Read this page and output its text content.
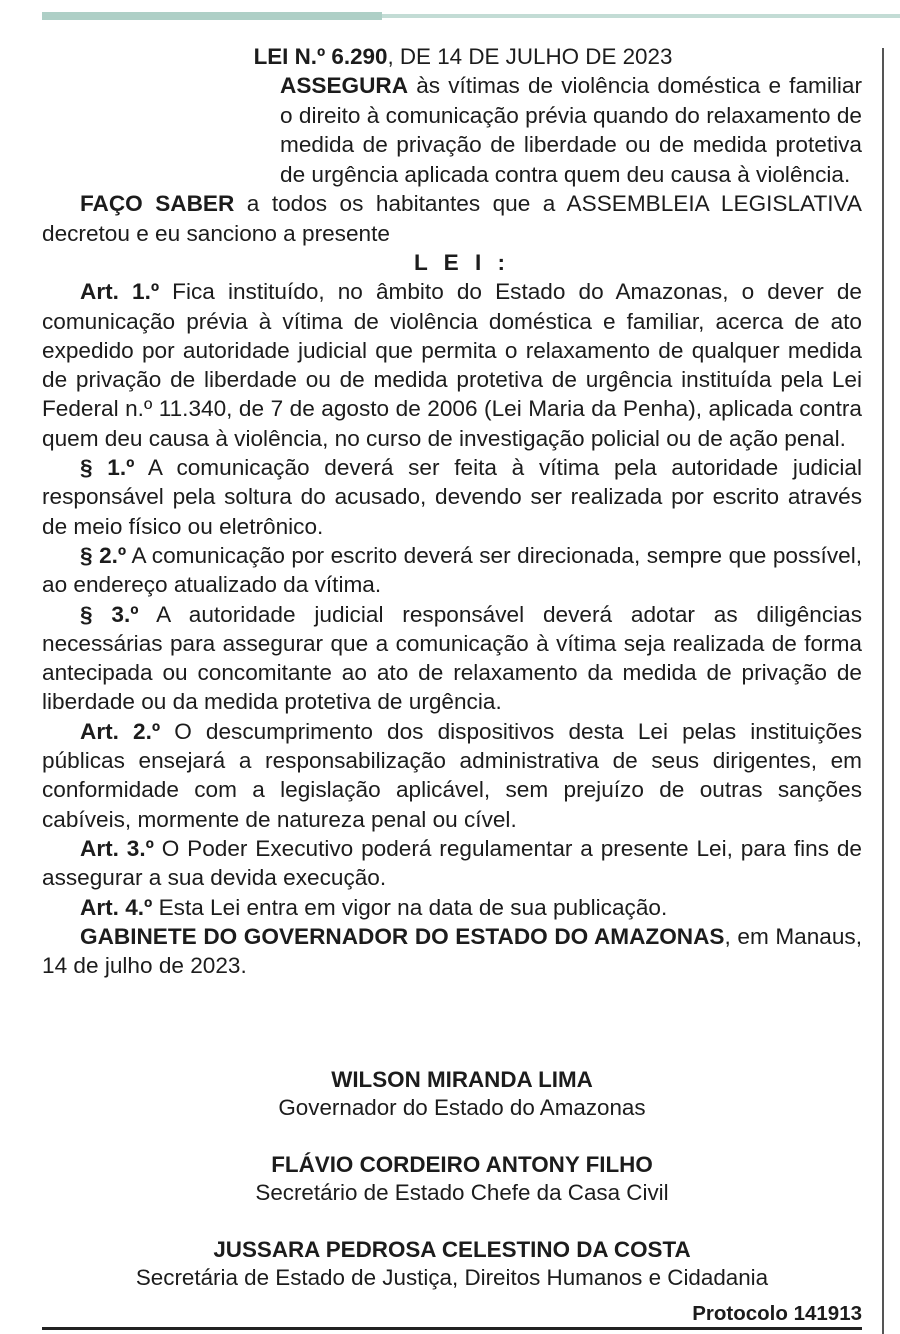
LEI N.º 6.290, DE 14 DE JULHO DE 2023
ASSEGURA às vítimas de violência doméstica e familiar o direito à comunicação prévia quando do relaxamento de medida de privação de liberdade ou de medida protetiva de urgência aplicada contra quem deu causa à violência.

FAÇO SABER a todos os habitantes que a ASSEMBLEIA LEGISLATIVA decretou e eu sanciono a presente

L E I :

Art. 1.º Fica instituído, no âmbito do Estado do Amazonas, o dever de comunicação prévia à vítima de violência doméstica e familiar, acerca de ato expedido por autoridade judicial que permita o relaxamento de qualquer medida de privação de liberdade ou de medida protetiva de urgência instituída pela Lei Federal n.º 11.340, de 7 de agosto de 2006 (Lei Maria da Penha), aplicada contra quem deu causa à violência, no curso de investigação policial ou de ação penal.

§ 1.º A comunicação deverá ser feita à vítima pela autoridade judicial responsável pela soltura do acusado, devendo ser realizada por escrito através de meio físico ou eletrônico.

§ 2.º A comunicação por escrito deverá ser direcionada, sempre que possível, ao endereço atualizado da vítima.

§ 3.º A autoridade judicial responsável deverá adotar as diligências necessárias para assegurar que a comunicação à vítima seja realizada de forma antecipada ou concomitante ao ato de relaxamento da medida de privação de liberdade ou da medida protetiva de urgência.

Art. 2.º O descumprimento dos dispositivos desta Lei pelas instituições públicas ensejará a responsabilização administrativa de seus dirigentes, em conformidade com a legislação aplicável, sem prejuízo de outras sanções cabíveis, mormente de natureza penal ou cível.

Art. 3.º O Poder Executivo poderá regulamentar a presente Lei, para fins de assegurar a sua devida execução.

Art. 4.º Esta Lei entra em vigor na data de sua publicação.

GABINETE DO GOVERNADOR DO ESTADO DO AMAZONAS, em Manaus, 14 de julho de 2023.

WILSON MIRANDA LIMA
Governador do Estado do Amazonas
FLÁVIO CORDEIRO ANTONY FILHO
Secretário de Estado Chefe da Casa Civil
JUSSARA PEDROSA CELESTINO DA COSTA
Secretária de Estado de Justiça, Direitos Humanos e Cidadania
Protocolo 141913
